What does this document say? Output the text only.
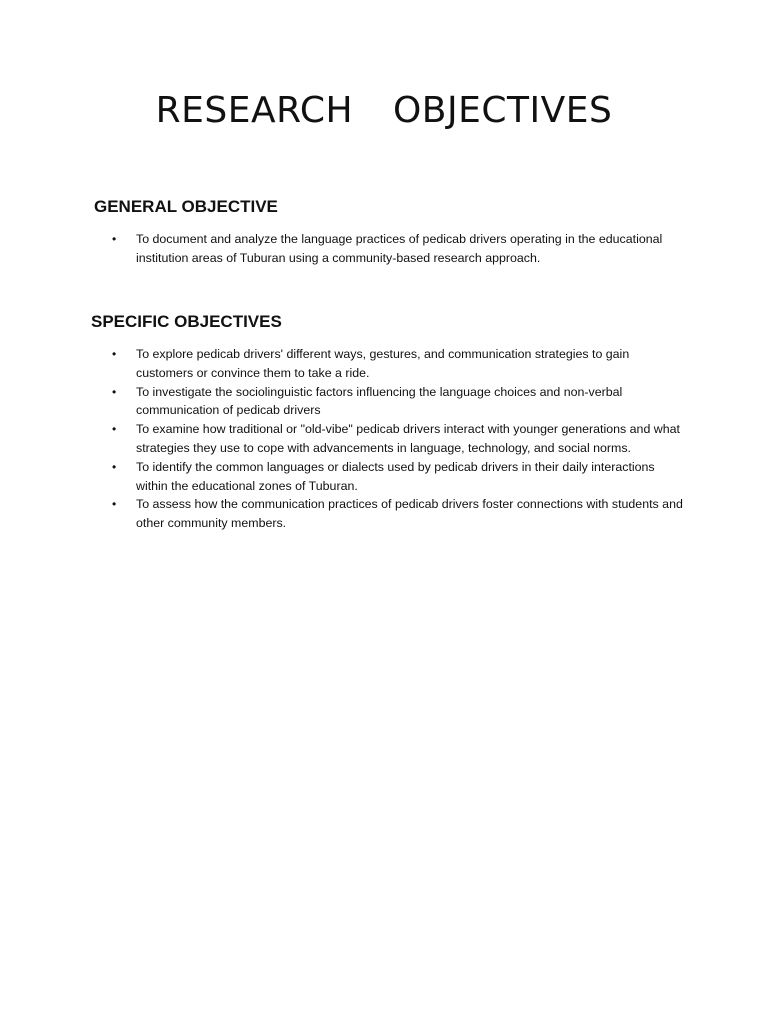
RESEARCH  OBJECTIVES
GENERAL OBJECTIVE
• To document and analyze the language practices of pedicab drivers operating in the educational institution areas of Tuburan using a community-based research approach.
SPECIFIC OBJECTIVES
• To explore pedicab drivers' different ways, gestures, and communication strategies to gain customers or convince them to take a ride.
• To investigate the sociolinguistic factors influencing the language choices and non-verbal communication of pedicab drivers
• To examine how traditional or "old-vibe" pedicab drivers interact with younger generations and what strategies they use to cope with advancements in language, technology, and social norms.
• To identify the common languages or dialects used by pedicab drivers in their daily interactions within the educational zones of Tuburan.
• To assess how the communication practices of pedicab drivers foster connections with students and other community members.
